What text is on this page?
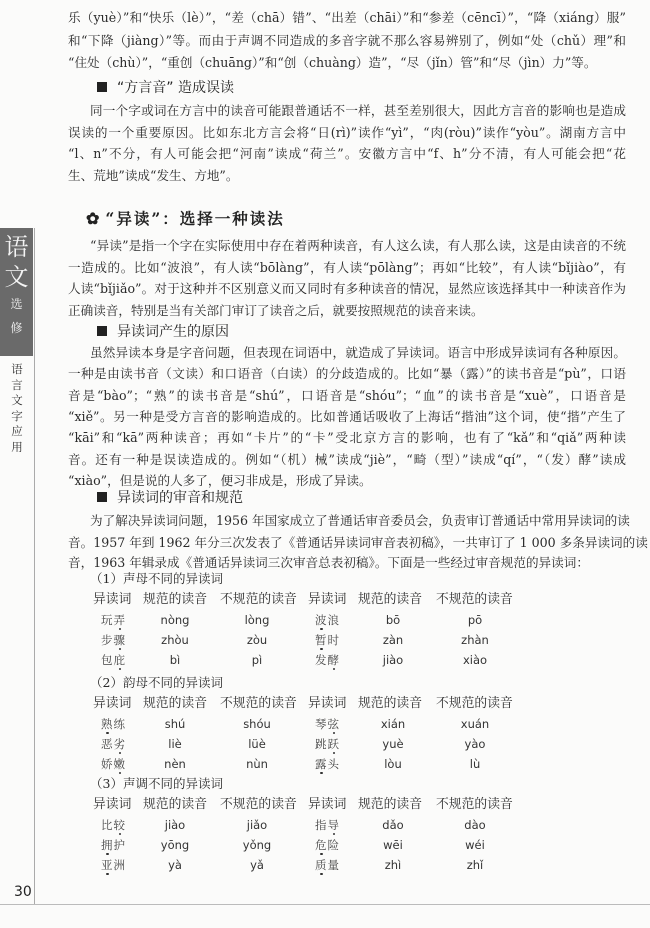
语
文
选
修
语言文字应用
30
乐（yuè）”和“快乐（lè）”，“差（chā）错”、“出差（chāi）”和“参差（cēncī）”，“降（xiáng）服”
和“下降（jiàng）”等。而由于声调不同造成的多音字就不那么容易辨别了，例如“处（chǔ）理”和
“住处（chù）”，“重创（chuāng）”和“创（chuàng）造”，“尽（jǐn）管”和“尽（jìn）力”等。
“方言音” 造成误读
同一个字或词在方言中的读音可能跟普通话不一样，甚至差别很大，因此方言音的影响也是造成
误读的一个重要原因。比如东北方言会将“日(rì)”读作“yì”，“肉(ròu)”读作“yòu”。湖南方言中
“l、n”不分，有人可能会把“河南”读成“荷兰”。安徽方言中“f、h”分不清，有人可能会把“花
生、荒地”读成“发生、方地”。
✿ “异读”：选择一种读法
“异读”是指一个字在实际使用中存在着两种读音，有人这么读，有人那么读，这是由读音的不统
一造成的。比如“波浪”，有人读“bōlàng”，有人读“pōlàng”；再如“比较”，有人读“bǐjiào”，有
人读“bǐjiǎo”。对于这种并不区别意义而又同时有多种读音的情况，显然应该选择其中一种读音作为
正确读音，特别是当有关部门审订了读音之后，就要按照规范的读音来读。
异读词产生的原因
虽然异读本身是字音问题，但表现在词语中，就造成了异读词。语言中形成异读词有各种原因。
一种是由读书音（文读）和口语音（白读）的分歧造成的。比如“暴（露）”的读书音是“pù”，口语
音是“bào”；“熟”的读书音是“shú”，口语音是“shóu”；“血”的读书音是“xuè”，口语音是
“xiě”。另一种是受方言音的影响造成的。比如普通话吸收了上海话“揩油”这个词，使“揩”产生了
“kāi”和“kā”两种读音；再如“卡片”的“卡”受北京方言的影响，也有了“kǎ”和“qiǎ”两种读
音。还有一种是误读造成的。例如“（机）械”读成“jiè”，“畸（型）”读成“qí”，“（发）酵”读成
“xiào”，但是说的人多了，便习非成是，形成了异读。
异读词的审音和规范
为了解决异读词问题，1956 年国家成立了普通话审音委员会，负责审订普通话中常用异读词的读
音。1957 年到 1962 年分三次发表了《普通话异读词审音表初稿》，一共审订了 1 000 多条异读词的读
音，1963 年辑录成《普通话异读词三次审音总表初稿》。下面是一些经过审音规范的异读词：
（1）声母不同的异读词
异读词 规范的读音 不规范的读音 异读词 规范的读音 不规范的读音
玩弄	nòng	lòng	波浪	bō	pō
步骤	zhòu	zòu	暂时	zàn	zhàn
包庇	bì	pì	发酵	jiào	xiào
（2）韵母不同的异读词
异读词 规范的读音 不规范的读音 异读词 规范的读音 不规范的读音
熟练	shú	shóu	琴弦	xián	xuán
恶劣	liè	lüè	跳跃	yuè	yào
娇嫩	nèn	nùn	露头	lòu	lù
（3）声调不同的异读词
异读词 规范的读音 不规范的读音 异读词 规范的读音 不规范的读音
比较	jiào	jiǎo	指导	dǎo	dào
拥护	yōng	yǒng	危险	wēi	wéi
亚洲	yà	yǎ	质量	zhì	zhǐ
